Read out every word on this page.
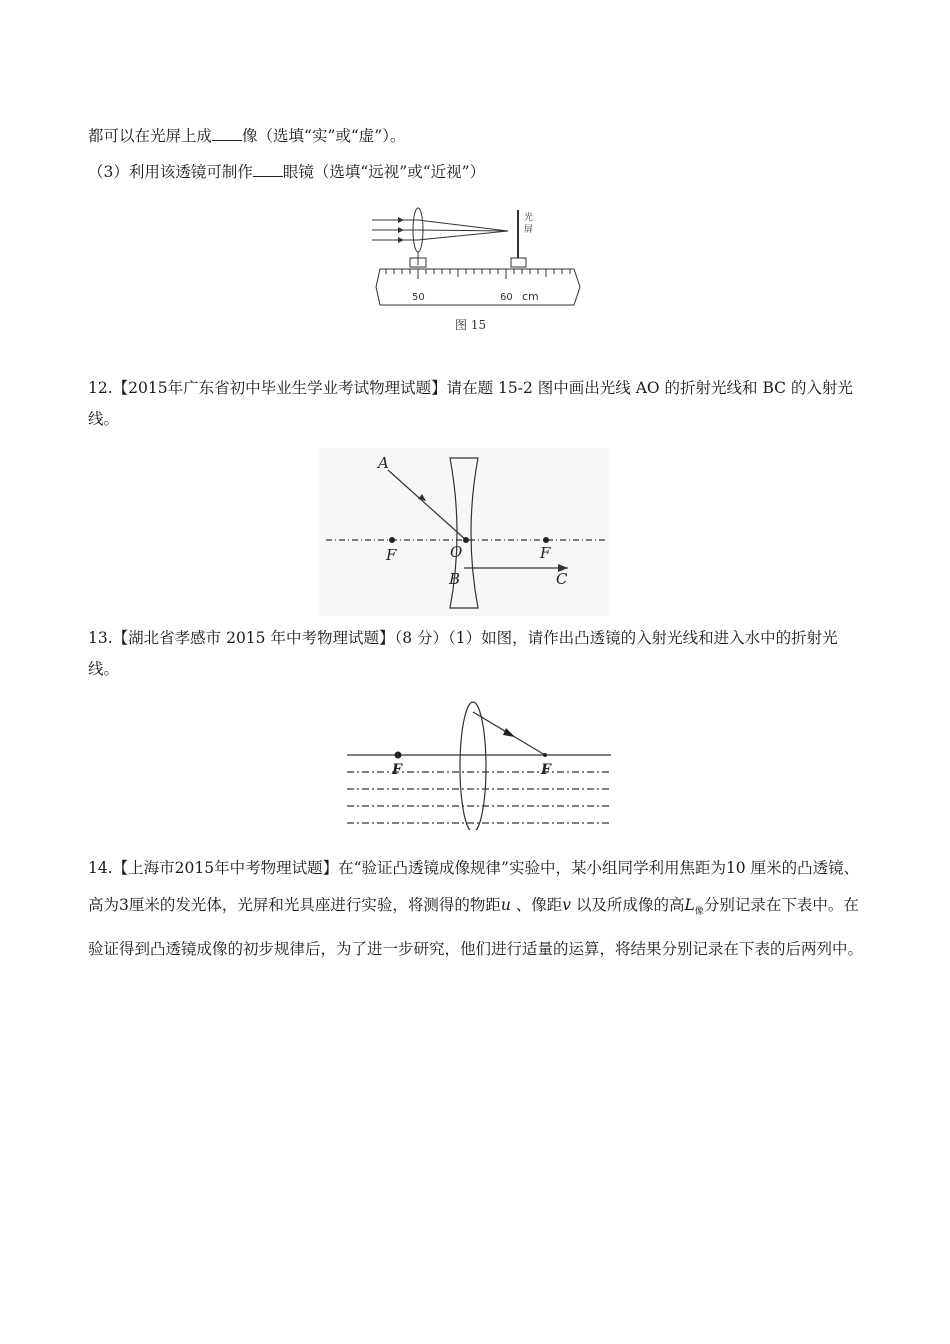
都可以在光屏上成 像（选填“实”或“虚”）。
（3）利用该透镜可制作 眼镜（选填“远视”或“近视”）
光
屏
50	60 cm
图 15
12.【2015年广东省初中毕业生学业考试物理试题】请在题 15-2 图中画出光线 AO 的折射光线和 BC 的入射光线。
A
F	O	F
B	C
13.【湖北省孝感市 2015 年中考物理试题】（8 分）（1）如图，请作出凸透镜的入射光线和进入水中的折射光线。
F	F
14.【上海市2015年中考物理试题】在“验证凸透镜成像规律”实验中，某小组同学利用焦距为10 厘米的凸透镜、高为3厘米的发光体，光屏和光具座进行实验，将测得的物距u 、像距v 以及所成像的高$L_像$分别记录在下表中。在验证得到凸透镜成像的初步规律后，为了进一步研究，他们进行适量的运算，将结果分别记录在下表的后两列中。
